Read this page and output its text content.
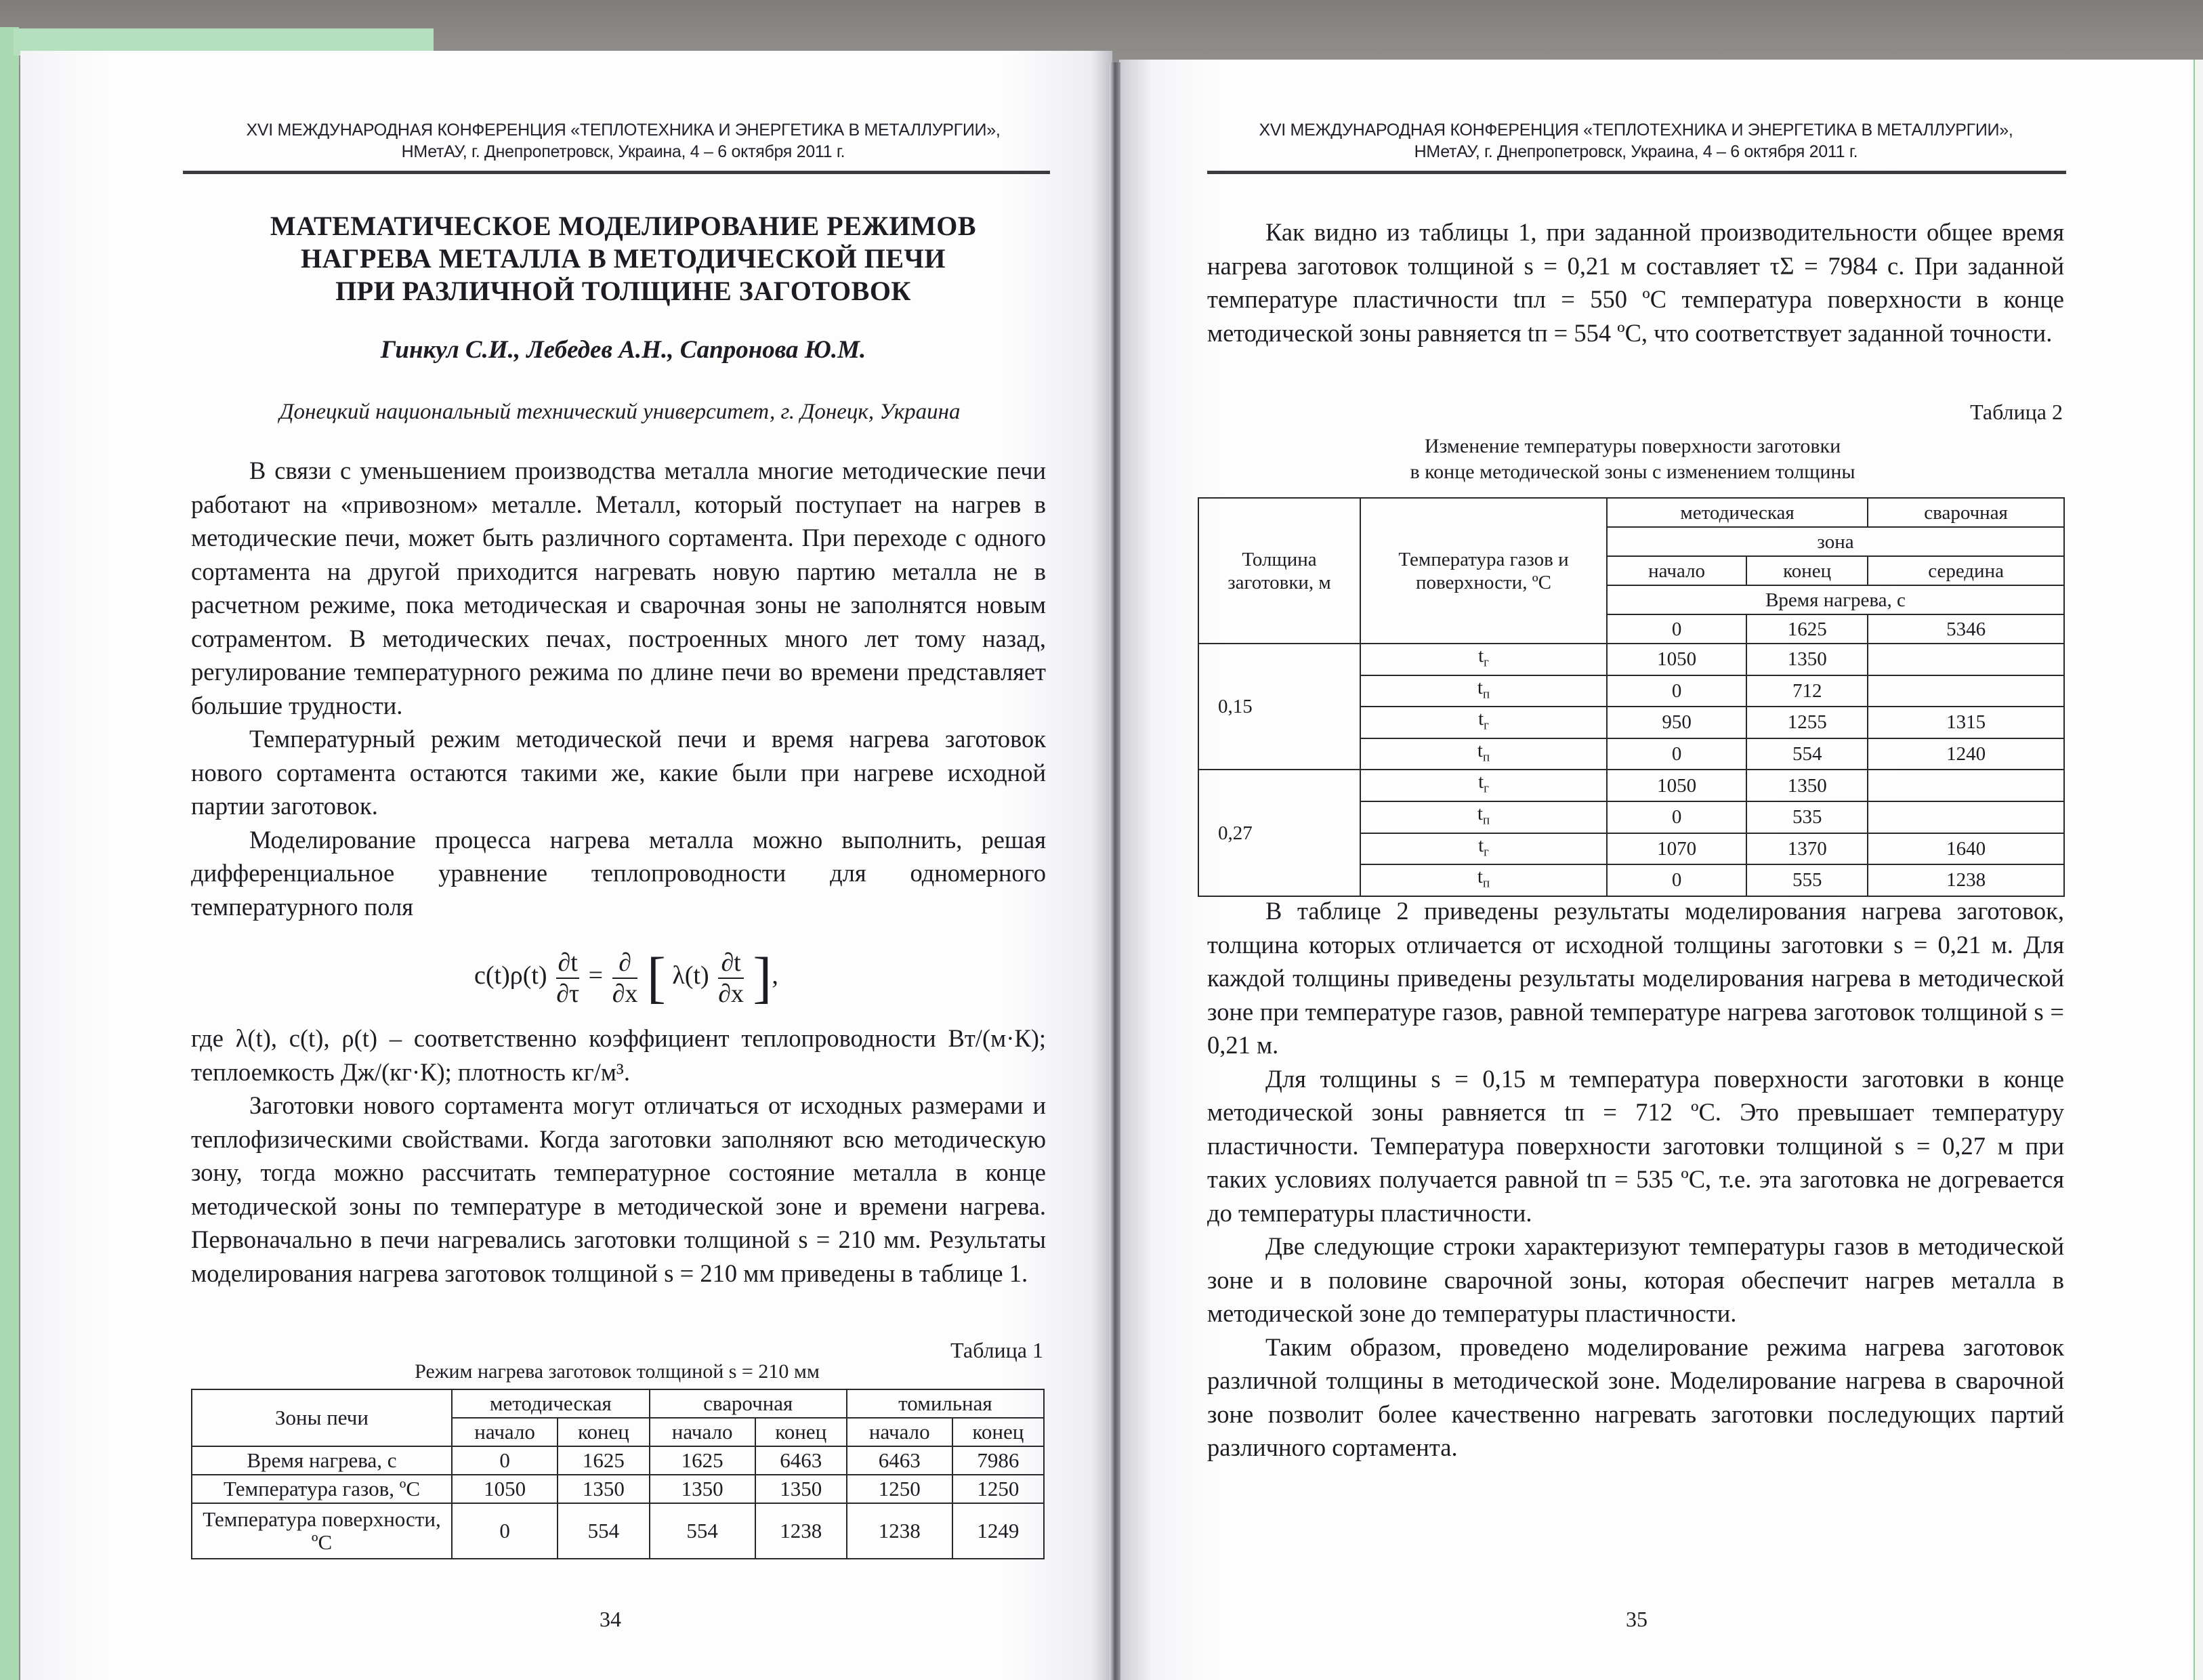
XVI МЕЖДУНАРОДНАЯ КОНФЕРЕНЦИЯ «ТЕПЛОТЕХНИКА И ЭНЕРГЕТИКА В МЕТАЛЛУРГИИ»,
НМетАУ, г. Днепропетровск, Украина, 4 – 6 октября 2011 г.
МАТЕМАТИЧЕСКОЕ МОДЕЛИРОВАНИЕ РЕЖИМОВ
НАГРЕВА МЕТАЛЛА В МЕТОДИЧЕСКОЙ ПЕЧИ
ПРИ РАЗЛИЧНОЙ ТОЛЩИНЕ ЗАГОТОВОК
Гинкул С.И., Лебедев А.Н., Сапронова Ю.М.
Донецкий национальный технический университет, г. Донецк, Украина

В связи с уменьшением производства металла многие методические печи работают на «привозном» металле. Металл, который поступает на нагрев в методические печи, может быть различного сортамента. При переходе с одного сортамента на другой приходится нагревать новую партию металла не в расчетном режиме, пока методическая и сварочная зоны не заполнятся новым сотраментом. В методических печах, построенных много лет тому назад, регулирование температурного режима по длине печи во времени представляет большие трудности.

Температурный режим методической печи и время нагрева заготовок нового сортамента остаются такими же, какие были при нагреве исходной партии заготовок.

Моделирование процесса нагрева металла можно выполнить, решая дифференциальное уравнение теплопроводности для одномерного температурного поля

$c(t)\rho(t) \frac{\partial t}{\partial\tau} = \frac{\partial}{\partial x}$ [ $\lambda(t) \frac{\partial t}{\partial x}$ ],
где λ(t), c(t), ρ(t) – соответственно коэффициент теплопроводности Вт/(м·К); теплоемкость Дж/(кг·К); плотность кг/м³.

Заготовки нового сортамента могут отличаться от исходных размерами и теплофизическими свойствами. Когда заготовки заполняют всю методическую зону, тогда можно рассчитать температурное состояние металла в конце методической зоны по температуре в методической зоне и времени нагрева. Первоначально в печи нагревались заготовки толщиной s = 210 мм. Результаты моделирования нагрева заготовок толщиной s = 210 мм приведены в таблице 1.

Таблица 1
Режим нагрева заготовок толщиной s = 210 мм
Зоны печи	методическая		сварочная		томильная	
	начало	конец	начало	конец	начало	конец
Время нагрева, с	0	1625	1625	6463	6463	7986
Температура газов, ºС	1050	1350	1350	1350	1250	1250
Температура поверхности, ºС	0	554	554	1238	1238	1249
34
XVI МЕЖДУНАРОДНАЯ КОНФЕРЕНЦИЯ «ТЕПЛОТЕХНИКА И ЭНЕРГЕТИКА В МЕТАЛЛУРГИИ»,
НМетАУ, г. Днепропетровск, Украина, 4 – 6 октября 2011 г.

Как видно из таблицы 1, при заданной производительности общее время нагрева заготовок толщиной s = 0,21 м составляет τΣ = 7984 с. При заданной температуре пластичности tпл = 550 ºС температура поверхности в конце методической зоны равняется tп = 554 ºС, что соответствует заданной точности.

Таблица 2
Изменение температуры поверхности заготовки
в конце методической зоны с изменением толщины
Толщина заготовки, м	Температура газов и поверхности, ºС	методическая		сварочная
		зона		
		начало	конец	середина
		Время нагрева, с		
		0	1625	5346
0,15	$t_г$	1050	1350	
	$t_п$	0	712	
	$t_г$	950	1255	1315
	$t_п$	0	554	1240
0,27	$t_г$	1050	1350	
	$t_п$	0	535	
	$t_г$	1070	1370	1640
	$t_п$	0	555	1238

В таблице 2 приведены результаты моделирования нагрева заготовок, толщина которых отличается от исходной толщины заготовки s = 0,21 м. Для каждой толщины приведены результаты моделирования нагрева в методической зоне при температуре газов, равной температуре нагрева заготовок толщиной s = 0,21 м.

Для толщины s = 0,15 м температура поверхности заготовки в конце методической зоны равняется tп = 712 ºС. Это превышает температуру пластичности. Температура поверхности заготовки толщиной s = 0,27 м при таких условиях получается равной tп = 535 ºС, т.е. эта заготовка не догревается до температуры пластичности.

Две следующие строки характеризуют температуры газов в методической зоне и в половине сварочной зоны, которая обеспечит нагрев металла в методической зоне до температуры пластичности.

Таким образом, проведено моделирование режима нагрева заготовок различной толщины в методической зоне. Моделирование нагрева в сварочной зоне позволит более качественно нагревать заготовки последующих партий различного сортамента.

35
